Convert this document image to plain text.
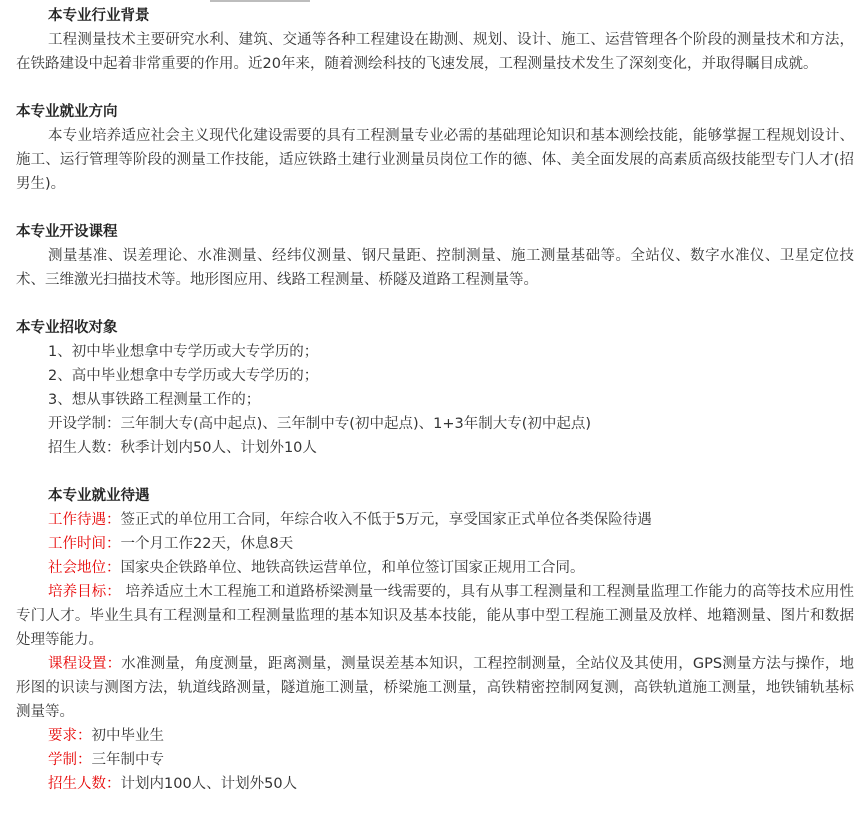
本专业行业背景

工程测量技术主要研究水利、建筑、交通等各种工程建设在勘测、规划、设计、施工、运营管理各个阶段的测量技术和方法，在铁路建设中起着非常重要的作用。近20年来，随着测绘科技的飞速发展，工程测量技术发生了深刻变化，并取得瞩目成就。

本专业就业方向

本专业培养适应社会主义现代化建设需要的具有工程测量专业必需的基础理论知识和基本测绘技能，能够掌握工程规划设计、施工、运行管理等阶段的测量工作技能，适应铁路土建行业测量员岗位工作的德、体、美全面发展的高素质高级技能型专门人才(招男生)。

本专业开设课程

测量基准、误差理论、水准测量、经纬仪测量、钢尺量距、控制测量、施工测量基础等。全站仪、数字水准仪、卫星定位技术、三维激光扫描技术等。地形图应用、线路工程测量、桥隧及道路工程测量等。

本专业招收对象

1、初中毕业想拿中专学历或大专学历的；

2、高中毕业想拿中专学历或大专学历的；

3、想从事铁路工程测量工作的；

开设学制：三年制大专(高中起点)、三年制中专(初中起点)、1+3年制大专(初中起点)

招生人数：秋季计划内50人、计划外10人

本专业就业待遇

工作待遇：签正式的单位用工合同，年综合收入不低于5万元，享受国家正式单位各类保险待遇

工作时间：一个月工作22天，休息8天

社会地位：国家央企铁路单位、地铁高铁运营单位，和单位签订国家正规用工合同。

培养目标： 培养适应土木工程施工和道路桥梁测量一线需要的，具有从事工程测量和工程测量监理工作能力的高等技术应用性专门人才。毕业生具有工程测量和工程测量监理的基本知识及基本技能，能从事中型工程施工测量及放样、地籍测量、图片和数据处理等能力。

课程设置：水准测量，角度测量，距离测量，测量误差基本知识，工程控制测量，全站仪及其使用，GPS测量方法与操作，地形图的识读与测图方法，轨道线路测量，隧道施工测量，桥梁施工测量，高铁精密控制网复测，高铁轨道施工测量，地铁铺轨基标测量等。

要求：初中毕业生

学制：三年制中专

招生人数：计划内100人、计划外50人
